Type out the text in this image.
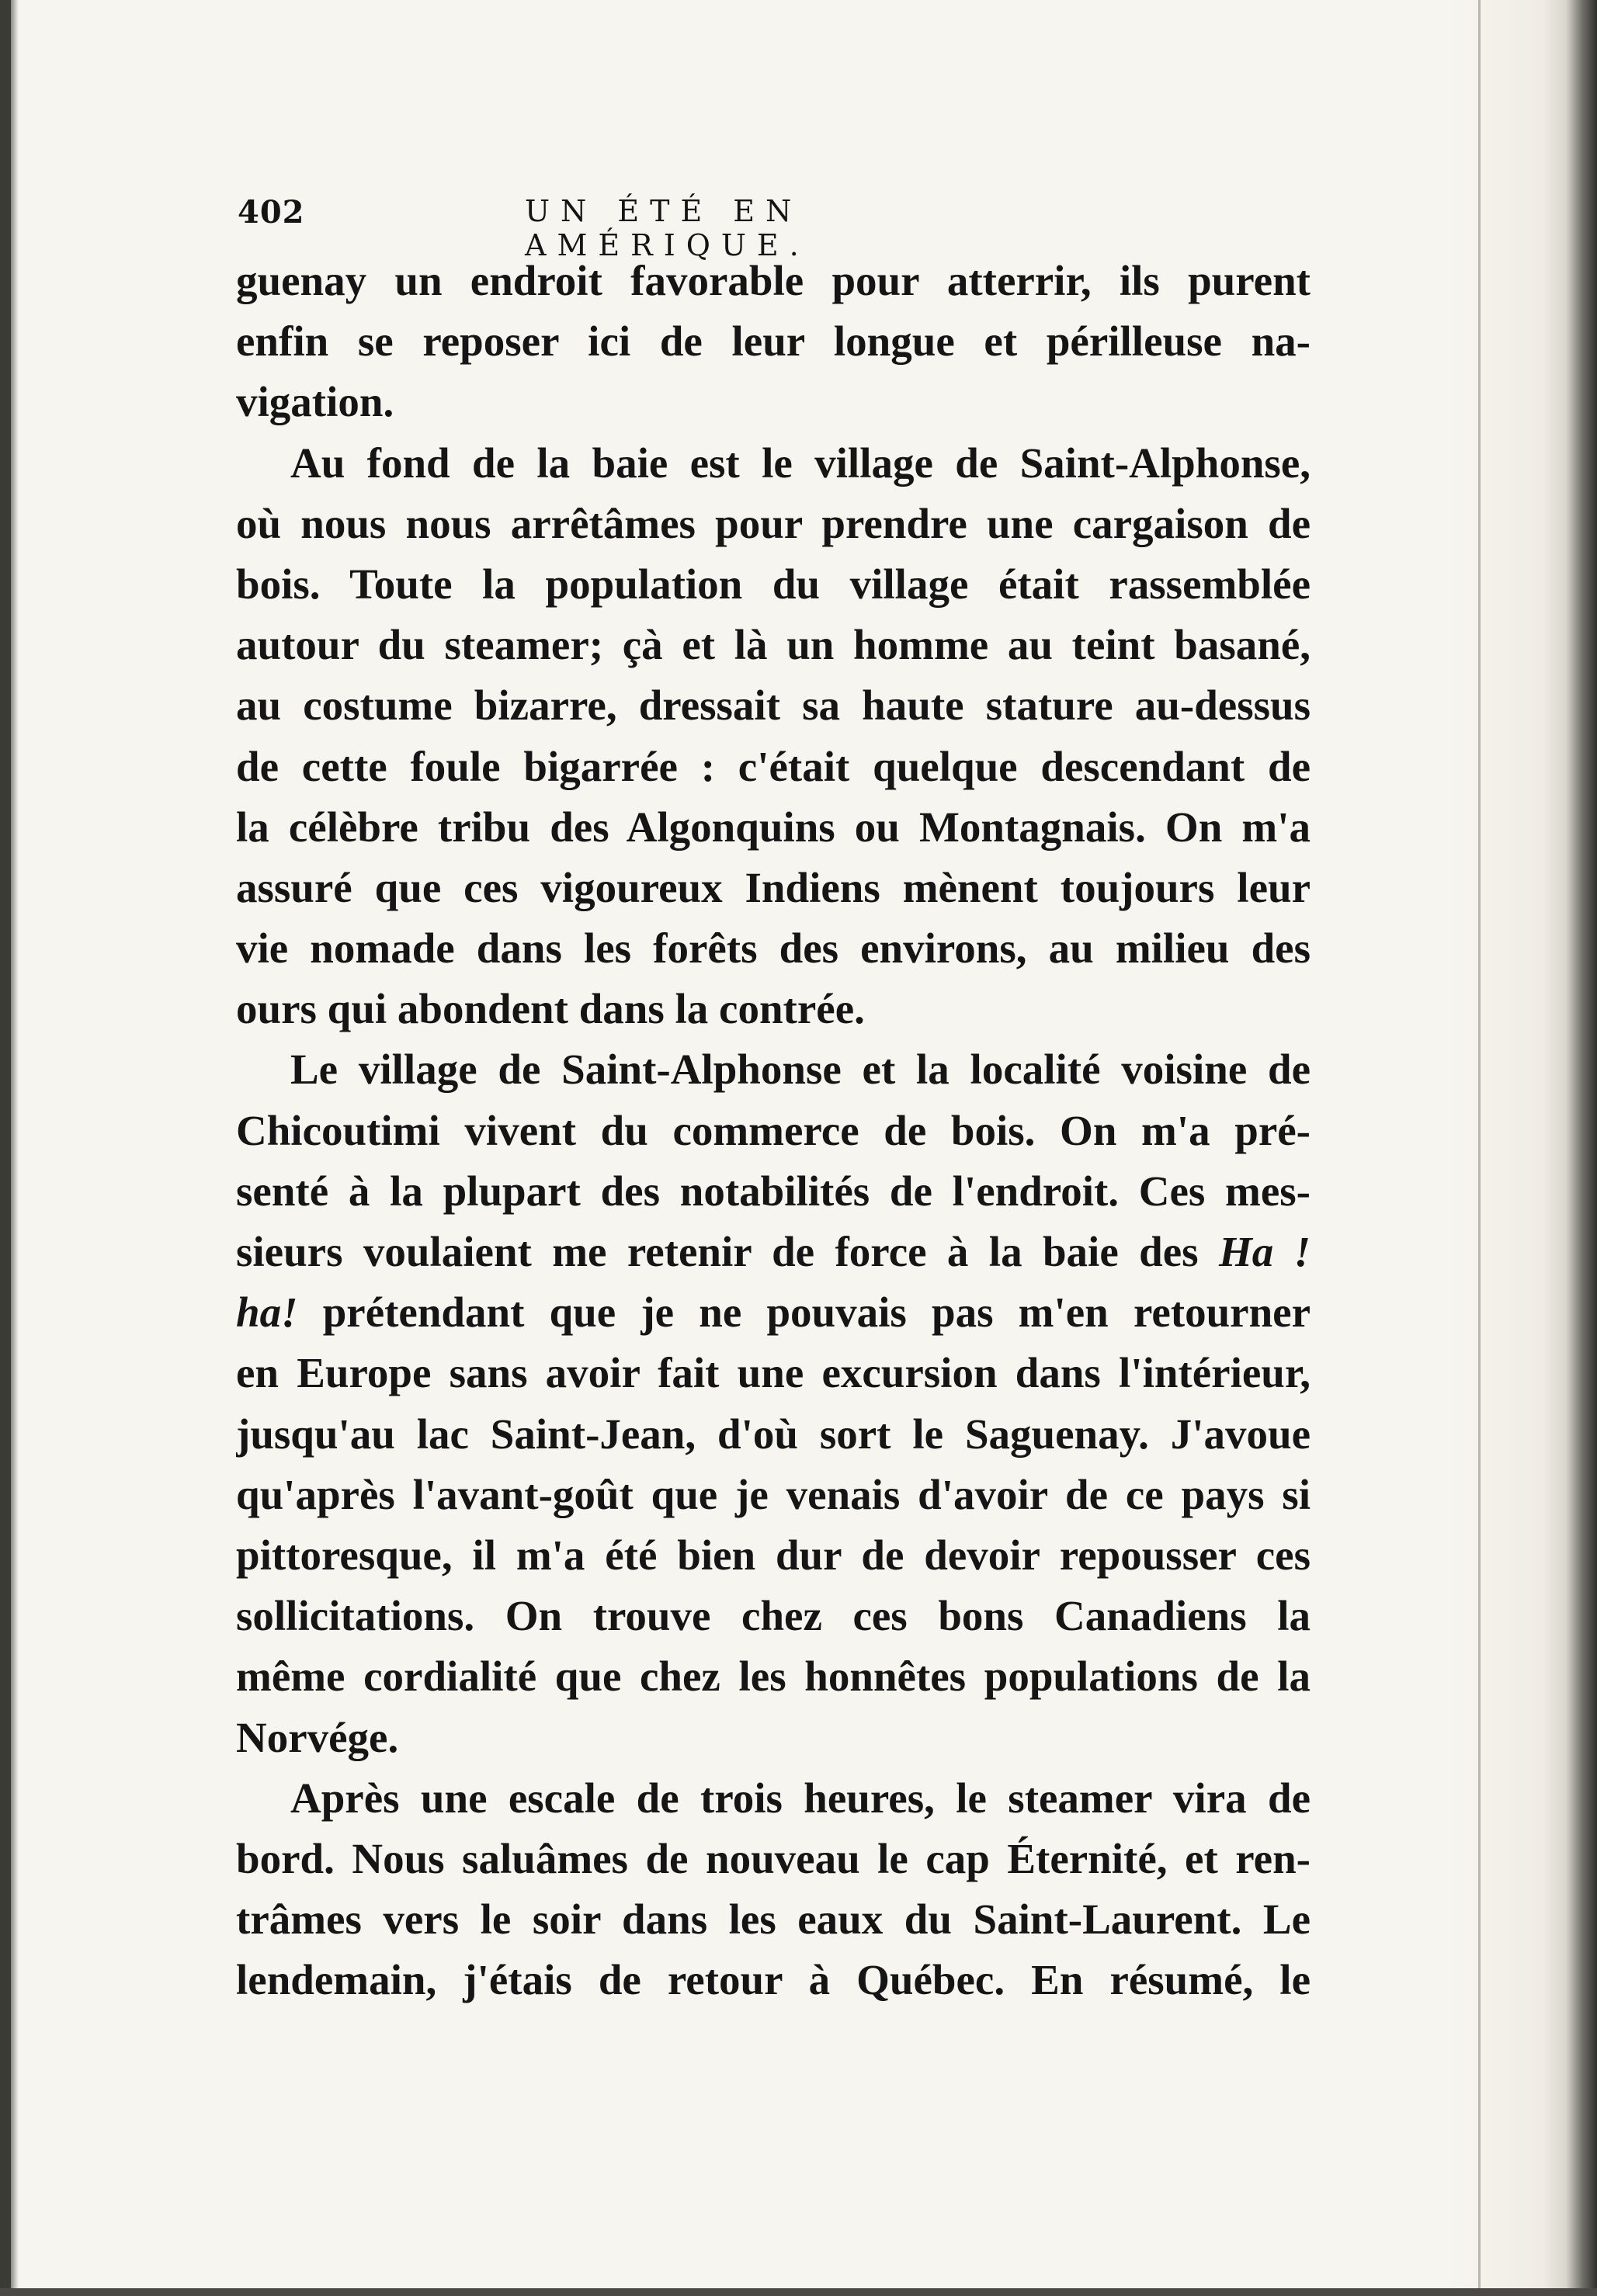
402	UN ÉTÉ EN AMÉRIQUE.

guenay un endroit favorable pour atterrir, ils purent
enfin se reposer ici de leur longue et périlleuse na-
vigation.

Au fond de la baie est le village de Saint-Alphonse,
où nous nous arrêtâmes pour prendre une cargaison de
bois. Toute la population du village était rassemblée
autour du steamer; çà et là un homme au teint basané,
au costume bizarre, dressait sa haute stature au-dessus
de cette foule bigarrée : c'était quelque descendant de
la célèbre tribu des Algonquins ou Montagnais. On m'a
assuré que ces vigoureux Indiens mènent toujours leur
vie nomade dans les forêts des environs, au milieu des
ours qui abondent dans la contrée.

Le village de Saint-Alphonse et la localité voisine de
Chicoutimi vivent du commerce de bois. On m'a pré-
senté à la plupart des notabilités de l'endroit. Ces mes-
sieurs voulaient me retenir de force à la baie des Ha !
ha! prétendant que je ne pouvais pas m'en retourner
en Europe sans avoir fait une excursion dans l'intérieur,
jusqu'au lac Saint-Jean, d'où sort le Saguenay. J'avoue
qu'après l'avant-goût que je venais d'avoir de ce pays si
pittoresque, il m'a été bien dur de devoir repousser ces
sollicitations. On trouve chez ces bons Canadiens la
même cordialité que chez les honnêtes populations de la
Norvége.

Après une escale de trois heures, le steamer vira de
bord. Nous saluâmes de nouveau le cap Éternité, et ren-
trâmes vers le soir dans les eaux du Saint-Laurent. Le
lendemain, j'étais de retour à Québec. En résumé, le
